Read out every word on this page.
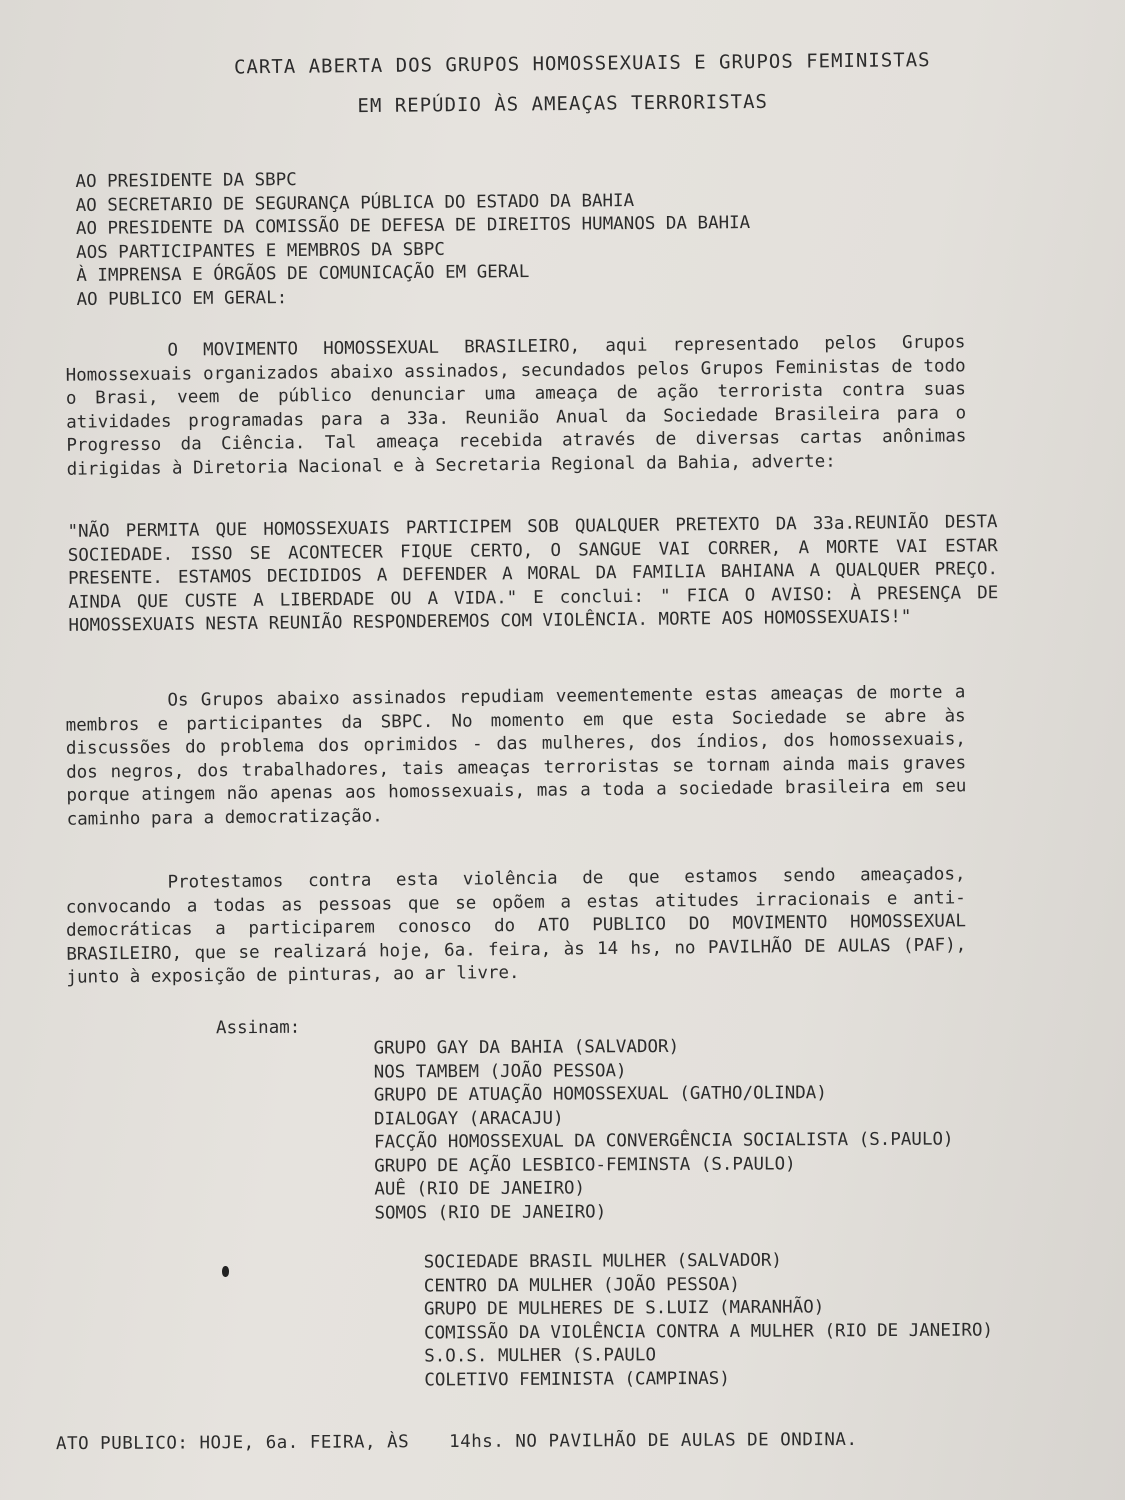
CARTA ABERTA DOS GRUPOS HOMOSSEXUAIS E GRUPOS FEMINISTAS
EM REPÚDIO ÀS AMEAÇAS TERRORISTAS
AO PRESIDENTE DA SBPC
AO SECRETARIO DE SEGURANÇA PÚBLICA DO ESTADO DA BAHIA
AO PRESIDENTE DA COMISSÃO DE DEFESA DE DIREITOS HUMANOS DA BAHIA
AOS PARTICIPANTES E MEMBROS DA SBPC
À IMPRENSA E ÓRGÃOS DE COMUNICAÇÃO EM GERAL
AO PUBLICO EM GERAL:
O MOVIMENTO HOMOSSEXUAL BRASILEIRO, aqui representado pelos Grupos Homossexuais organizados abaixo assinados, secundados pelos Grupos Feministas de todo o Brasi, veem de público denunciar uma ameaça de ação terrorista contra suas atividades programadas para a 33a. Reunião Anual da Sociedade Brasileira para o Progresso da Ciência. Tal ameaça recebida através de diversas cartas anônimas dirigidas à Diretoria Nacional e à Secretaria Regional da Bahia, adverte:
"NÃO PERMITA QUE HOMOSSEXUAIS PARTICIPEM SOB QUALQUER PRETEXTO DA 33a.REUNIÃO DESTA SOCIEDADE. ISSO SE ACONTECER FIQUE CERTO, O SANGUE VAI CORRER, A MORTE VAI ESTAR PRESENTE. ESTAMOS DECIDIDOS A DEFENDER A MORAL DA FAMILIA BAHIANA A QUALQUER PREÇO. AINDA QUE CUSTE A LIBERDADE OU A VIDA." E conclui: " FICA O AVISO: À PRESENÇA DE HOMOSSEXUAIS NESTA REUNIÃO RESPONDEREMOS COM VIOLÊNCIA. MORTE AOS HOMOSSEXUAIS!"
Os Grupos abaixo assinados repudiam veementemente estas ameaças de morte a membros e participantes da SBPC. No momento em que esta Sociedade se abre às discussões do problema dos oprimidos - das mulheres, dos índios, dos homossexuais, dos negros, dos trabalhadores, tais ameaças terroristas se tornam ainda mais graves porque atingem não apenas aos homossexuais, mas a toda a sociedade brasileira em seu caminho para a democratização.
Protestamos contra esta violência de que estamos sendo ameaçados, convocando a todas as pessoas que se opõem a estas atitudes irracionais e anti-democráticas a participarem conosco do ATO PUBLICO DO MOVIMENTO HOMOSSEXUAL BRASILEIRO, que se realizará hoje, 6a. feira, às 14 hs, no PAVILHÃO DE AULAS (PAF), junto à exposição de pinturas, ao ar livre.
Assinam:
GRUPO GAY DA BAHIA (SALVADOR)
NOS TAMBEM (JOÃO PESSOA)
GRUPO DE ATUAÇÃO HOMOSSEXUAL (GATHO/OLINDA)
DIALOGAY (ARACAJU)
FACÇÃO HOMOSSEXUAL DA CONVERGÊNCIA SOCIALISTA (S.PAULO)
GRUPO DE AÇÃO LESBICO-FEMINSTA (S.PAULO)
AUÊ (RIO DE JANEIRO)
SOMOS (RIO DE JANEIRO)
SOCIEDADE BRASIL MULHER (SALVADOR)
CENTRO DA MULHER (JOÃO PESSOA)
GRUPO DE MULHERES DE S.LUIZ (MARANHÃO)
COMISSÃO DA VIOLÊNCIA CONTRA A MULHER (RIO DE JANEIRO)
S.O.S. MULHER (S.PAULO
COLETIVO FEMINISTA (CAMPINAS)
ATO PUBLICO: HOJE, 6a. FEIRA, ÀS 14hs. NO PAVILHÃO DE AULAS DE ONDINA.
